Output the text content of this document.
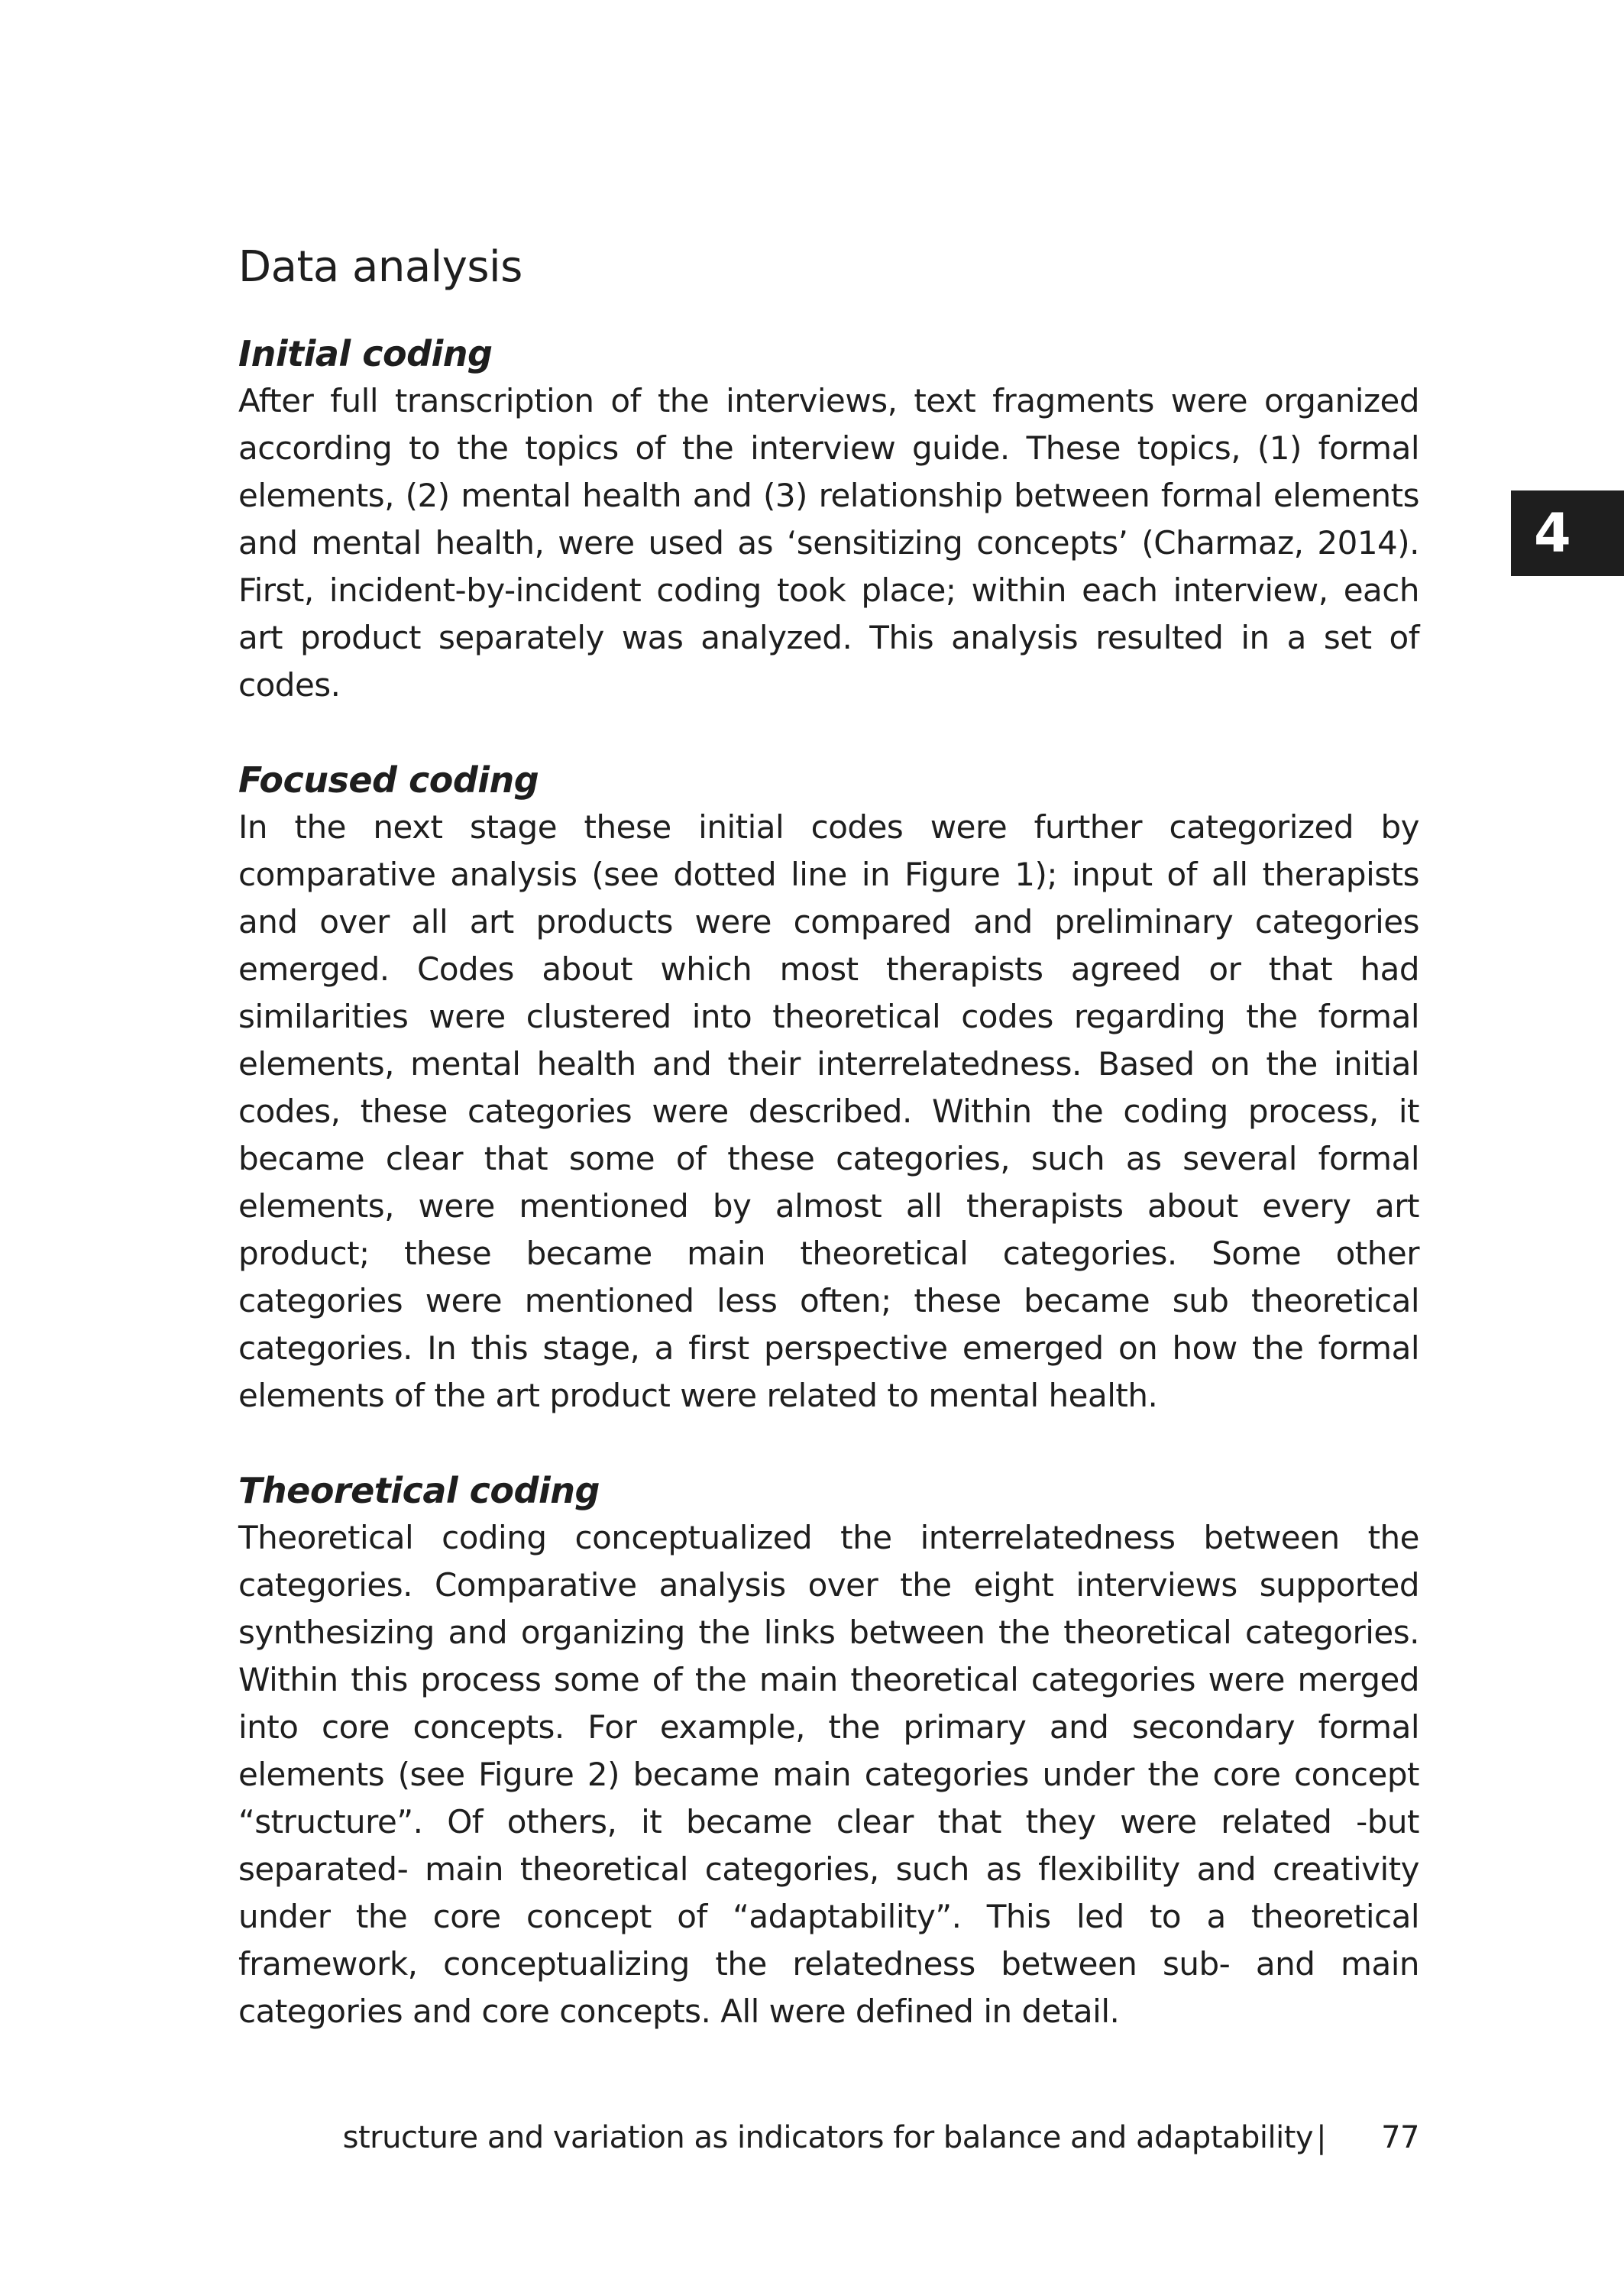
4
Data analysis
Initial coding

After full transcription of the interviews, text fragments were organized according to the topics of the interview guide. These topics, (1) formal elements, (2) mental health and (3) relationship between formal elements and mental health, were used as ‘sensitizing concepts’ (Charmaz, 2014). First, incident-by-incident coding took place; within each interview, each art product separately was analyzed. This analysis resulted in a set of codes.

Focused coding

In the next stage these initial codes were further categorized by comparative analysis (see dotted line in Figure 1); input of all therapists and over all art products were compared and preliminary categories emerged. Codes about which most therapists agreed or that had similarities were clustered into theoretical codes regarding the formal elements, mental health and their interrelatedness. Based on the initial codes, these categories were described. Within the coding process, it became clear that some of these categories, such as several formal elements, were mentioned by almost all therapists about every art product; these became main theoretical categories. Some other categories were mentioned less often; these became sub theoretical categories. In this stage, a first perspective emerged on how the formal elements of the art product were related to mental health.

Theoretical coding

Theoretical coding conceptualized the interrelatedness between the categories. Comparative analysis over the eight interviews supported synthesizing and organizing the links between the theoretical categories. Within this process some of the main theoretical categories were merged into core concepts. For example, the primary and secondary formal elements (see Figure 2) became main categories under the core concept “structure”. Of others, it became clear that they were related -but separated- main theoretical categories, such as flexibility and creativity under the core concept of “adaptability”. This led to a theoretical framework, conceptualizing the relatedness between sub- and main categories and core concepts. All were defined in detail.

structure and variation as indicators for balance and adaptability | 77
